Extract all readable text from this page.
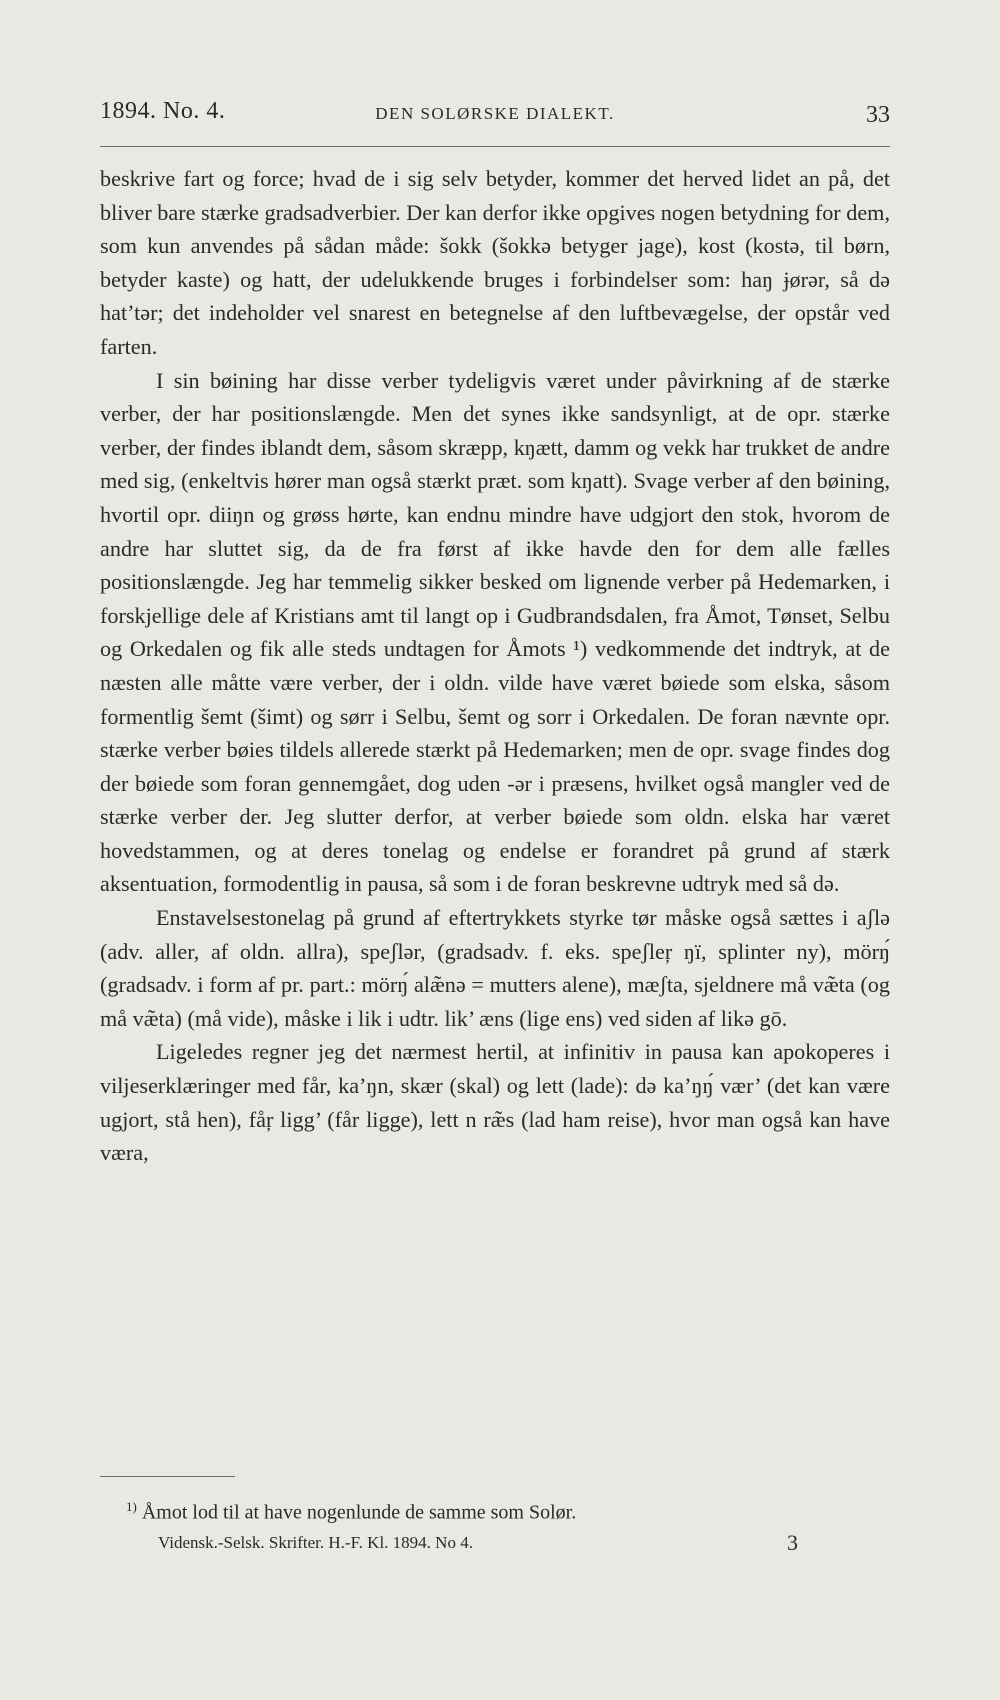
1894. No. 4.	DEN SOLØRSKE DIALEKT.	33

beskrive fart og force; hvad de i sig selv betyder, kommer det herved lidet an på, det bliver bare stærke gradsadverbier. Der kan derfor ikke opgives nogen betydning for dem, som kun anvendes på sådan måde: šokk (šokkə betyger jage), kost (kostə, til børn, betyder kaste) og hatt, der udelukkende bruges i forbindelser som: haŋ ɉørər, så də hat’tər; det indeholder vel snarest en betegnelse af den luftbevægelse, der opstår ved farten.

I sin bøining har disse verber tydeligvis været under påvirkning af de stærke verber, der har positionslængde. Men det synes ikke sandsynligt, at de opr. stærke verber, der findes iblandt dem, såsom skræpp, kŋætt, damm og vekk har trukket de andre med sig, (enkeltvis hører man også stærkt præt. som kŋatt). Svage verber af den bøining, hvortil opr. diiŋn og grøss hørte, kan endnu mindre have udgjort den stok, hvorom de andre har sluttet sig, da de fra først af ikke havde den for dem alle fælles positionslængde. Jeg har temmelig sikker besked om lignende verber på Hedemarken, i forskjellige dele af Kristians amt til langt op i Gudbrandsdalen, fra Åmot, Tønset, Selbu og Orkedalen og fik alle steds undtagen for Åmots ¹) vedkommende det indtryk, at de næsten alle måtte være verber, der i oldn. vilde have været bøiede som elska, såsom formentlig šemt (šimt) og sørr i Selbu, šemt og sorr i Orkedalen. De foran nævnte opr. stærke verber bøies tildels allerede stærkt på Hedemarken; men de opr. svage findes dog der bøiede som foran gennemgået, dog uden -ər i præsens, hvilket også mangler ved de stærke verber der. Jeg slutter derfor, at verber bøiede som oldn. elska har været hovedstammen, og at deres tonelag og endelse er forandret på grund af stærk aksentuation, formodentlig in pausa, så som i de foran beskrevne udtryk med så də.

Enstavelsestonelag på grund af eftertrykkets styrke tør måske også sættes i aʃlə (adv. aller, af oldn. allra), speʃlər, (gradsadv. f. eks. speʃleŗ ŋï, splinter ny), mörŋ́ (gradsadv. i form af pr. part.: mörŋ́ alæ̃nə = mutters alene), mæʃta, sjeldnere må væ̃ta (og må væ̃ta) (må vide), måske i lik i udtr. lik’ æns (lige ens) ved siden af likə gō.

Ligeledes regner jeg det nærmest hertil, at infinitiv in pausa kan apokoperes i viljeserklæringer med får, ka’ŋn, skær (skal) og lett (lade): də ka’ŋŋ́ vær’ (det kan være ugjort, stå hen), fåŗ ligg’ (får ligge), lett n ræ̃s (lad ham reise), hvor man også kan have væra,

$^{1)}$ Åmot lod til at have nogenlunde de samme som Solør.
Vidensk.-Selsk. Skrifter. H.-F. Kl. 1894. No 4.	3
